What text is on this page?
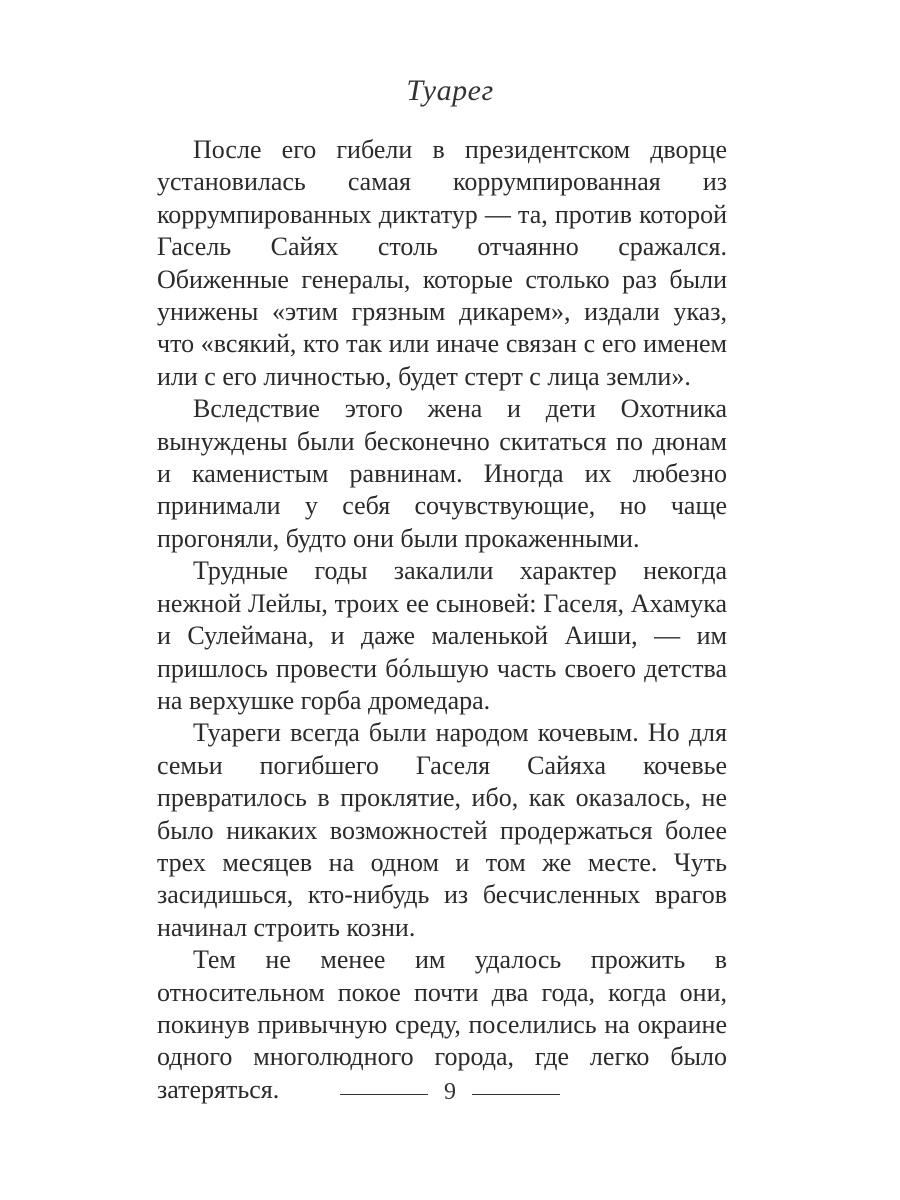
Туарег

После его гибели в президентском дворце установилась самая коррумпированная из коррумпированных диктатур — та, против которой Гасель Сайях столь отчаянно сражался. Обиженные генералы, которые столько раз были унижены «этим грязным дикарем», издали указ, что «всякий, кто так или иначе связан с его именем или с его личностью, будет стерт с лица земли».

Вследствие этого жена и дети Охотника вынуждены были бесконечно скитаться по дюнам и каменистым равнинам. Иногда их любезно принимали у себя сочувствующие, но чаще прогоняли, будто они были прокаженными.

Трудные годы закалили характер некогда нежной Лейлы, троих ее сыновей: Гаселя, Ахамука и Сулеймана, и даже маленькой Аиши, — им пришлось провести бóльшую часть своего детства на верхушке горба дромедара.

Туареги всегда были народом кочевым. Но для семьи погибшего Гаселя Сайяха кочевье превратилось в проклятие, ибо, как оказалось, не было никаких возможностей продержаться более трех месяцев на одном и том же месте. Чуть засидишься, кто-нибудь из бесчисленных врагов начинал строить козни.

Тем не менее им удалось прожить в относительном покое почти два года, когда они, покинув привычную среду, поселились на окраине одного многолюдного города, где легко было затеряться.	9
